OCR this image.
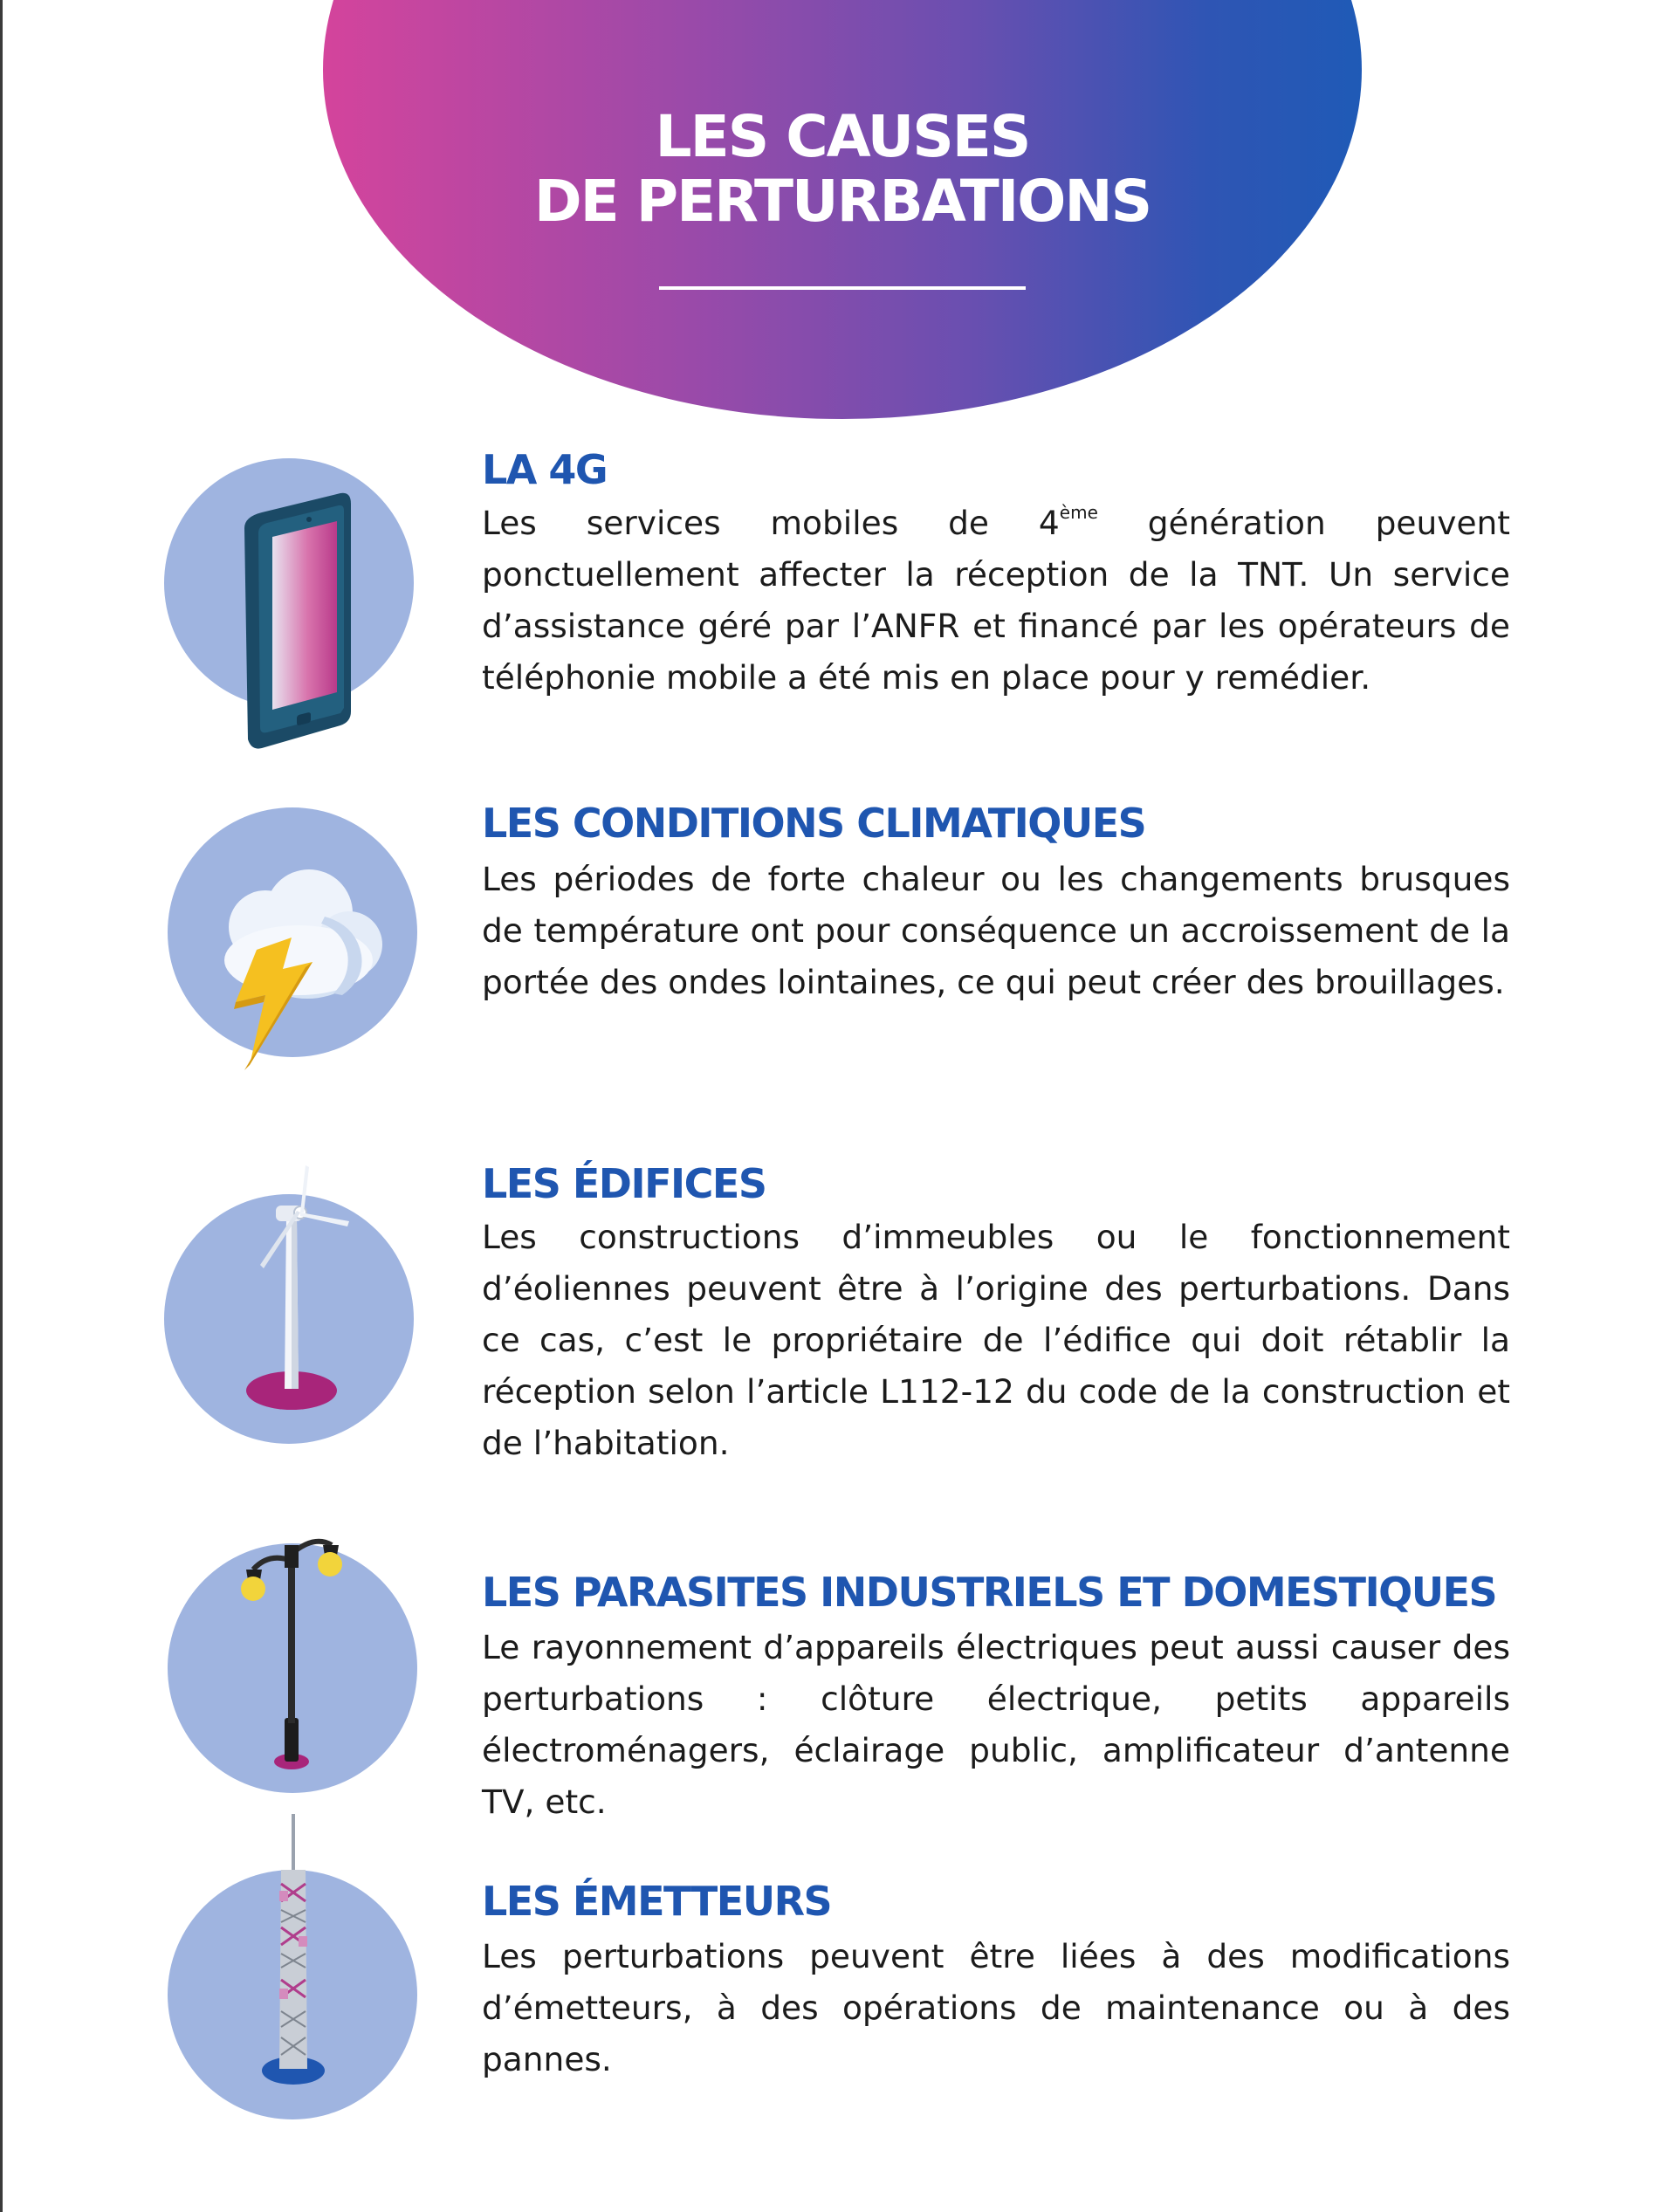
LES CAUSES
DE PERTURBATIONS
LA 4G
Les services mobiles de 4ème génération peuvent ponctuellement affecter la réception de la TNT. Un service d’assistance géré par l’ANFR et financé par les opérateurs de téléphonie mobile a été mis en place pour y remédier.
LES CONDITIONS CLIMATIQUES
Les périodes de forte chaleur ou les changements brusques de température ont pour conséquence un accroissement de la portée des ondes lointaines, ce qui peut créer des brouillages.
LES ÉDIFICES
Les constructions d’immeubles ou le fonctionnement d’éoliennes peuvent être à l’origine des perturbations. Dans ce cas, c’est le propriétaire de l’édifice qui doit rétablir la réception selon l’article L112-12 du code de la construction et de l’habitation.
LES PARASITES INDUSTRIELS ET DOMESTIQUES
Le rayonnement d’appareils électriques peut aussi causer des perturbations : clôture électrique, petits appareils électroménagers, éclairage public, amplificateur d’antenne TV, etc.
LES ÉMETTEURS
Les perturbations peuvent être liées à des modifications d’émetteurs, à des opérations de maintenance ou à des pannes.
